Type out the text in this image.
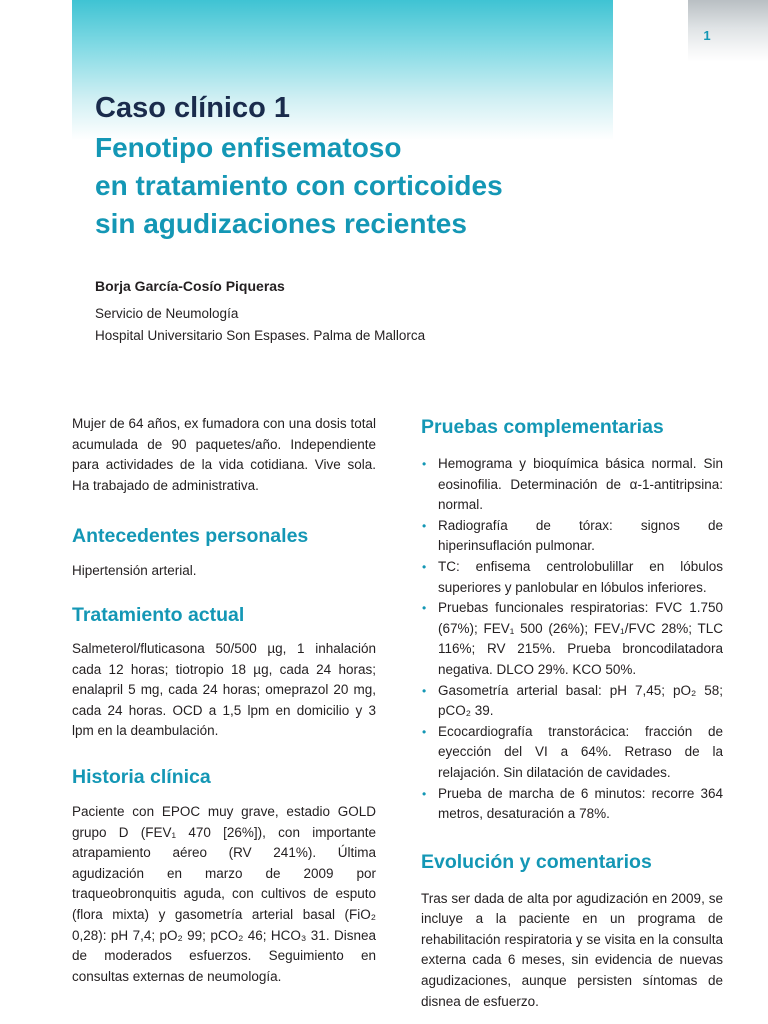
1
Caso clínico 1
Fenotipo enfisematoso
en tratamiento con corticoides
sin agudizaciones recientes
Borja García-Cosío Piqueras
Servicio de Neumología
Hospital Universitario Son Espases. Palma de Mallorca

Mujer de 64 años, ex fumadora con una dosis total acumulada de 90 paquetes/año. Independiente para actividades de la vida cotidiana. Vive sola. Ha trabajado de administrativa.

Antecedentes personales

Hipertensión arterial.

Tratamiento actual

Salmeterol/fluticasona 50/500 µg, 1 inhalación cada 12 horas; tiotropio 18 µg, cada 24 horas; enalapril 5 mg, cada 24 horas; omeprazol 20 mg, cada 24 horas. OCD a 1,5 lpm en domicilio y 3 lpm en la deambulación.

Historia clínica

Paciente con EPOC muy grave, estadio GOLD grupo D (FEV₁ 470 [26%]), con importante atrapamiento aéreo (RV 241%). Última agudización en marzo de 2009 por traqueobronquitis aguda, con cultivos de esputo (flora mixta) y gasometría arterial basal (FiO₂ 0,28): pH 7,4; pO₂ 99; pCO₂ 46; HCO₃ 31. Disnea de moderados esfuerzos. Seguimiento en consultas externas de neumología.

Pruebas complementarias
• Hemograma y bioquímica básica normal. Sin eosinofilia. Determinación de α-1-antitripsina: normal.
• Radiografía de tórax: signos de hiperinsuflación pulmonar.
• TC: enfisema centrolobulillar en lóbulos superiores y panlobular en lóbulos inferiores.
• Pruebas funcionales respiratorias: FVC 1.750 (67%); FEV₁ 500 (26%); FEV₁/FVC 28%; TLC 116%; RV 215%. Prueba broncodilatadora negativa. DLCO 29%. KCO 50%.
• Gasometría arterial basal: pH 7,45; pO₂ 58; pCO₂ 39.
• Ecocardiografía transtorácica: fracción de eyección del VI a 64%. Retraso de la relajación. Sin dilatación de cavidades.
• Prueba de marcha de 6 minutos: recorre 364 metros, desaturación a 78%.
Evolución y comentarios

Tras ser dada de alta por agudización en 2009, se incluye a la paciente en un programa de rehabilitación respiratoria y se visita en la consulta externa cada 6 meses, sin evidencia de nuevas agudizaciones, aunque persisten síntomas de disnea de esfuerzo.
